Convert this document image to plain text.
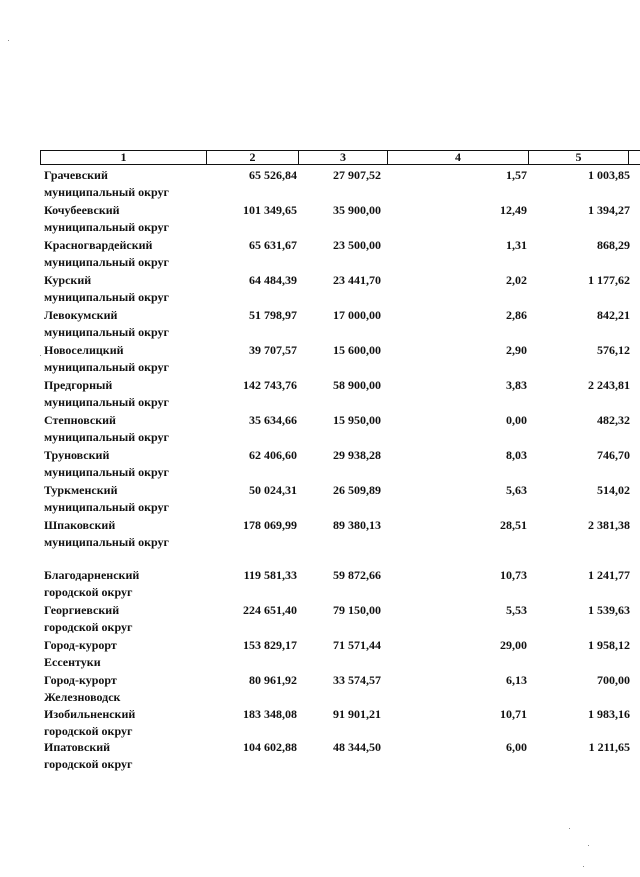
1	2	3	4	5
Грачевский
муниципальный округ
65 526,84	27 907,52	1,57	1 003,85
Кочубеевский
муниципальный округ
101 349,65	35 900,00	12,49	1 394,27
Красногвардейский
муниципальный округ
65 631,67	23 500,00	1,31	868,29
Курский
муниципальный округ
64 484,39	23 441,70	2,02	1 177,62
Левокумский
муниципальный округ
51 798,97	17 000,00	2,86	842,21
Новоселицкий
муниципальный округ
39 707,57	15 600,00	2,90	576,12
Предгорный
муниципальный округ
142 743,76	58 900,00	3,83	2 243,81
Степновский
муниципальный округ
35 634,66	15 950,00	0,00	482,32
Труновский
муниципальный округ
62 406,60	29 938,28	8,03	746,70
Туркменский
муниципальный округ
50 024,31	26 509,89	5,63	514,02
Шпаковский
муниципальный округ
178 069,99	89 380,13	28,51	2 381,38
Благодарненский
городской округ
119 581,33	59 872,66	10,73	1 241,77
Георгиевский
городской округ
224 651,40	79 150,00	5,53	1 539,63
Город-курорт
Ессентуки
153 829,17	71 571,44	29,00	1 958,12
Город-курорт
Железноводск
80 961,92	33 574,57	6,13	700,00
Изобильненский
городской округ
183 348,08	91 901,21	10,71	1 983,16
Ипатовский
городской округ
104 602,88	48 344,50	6,00	1 211,65
